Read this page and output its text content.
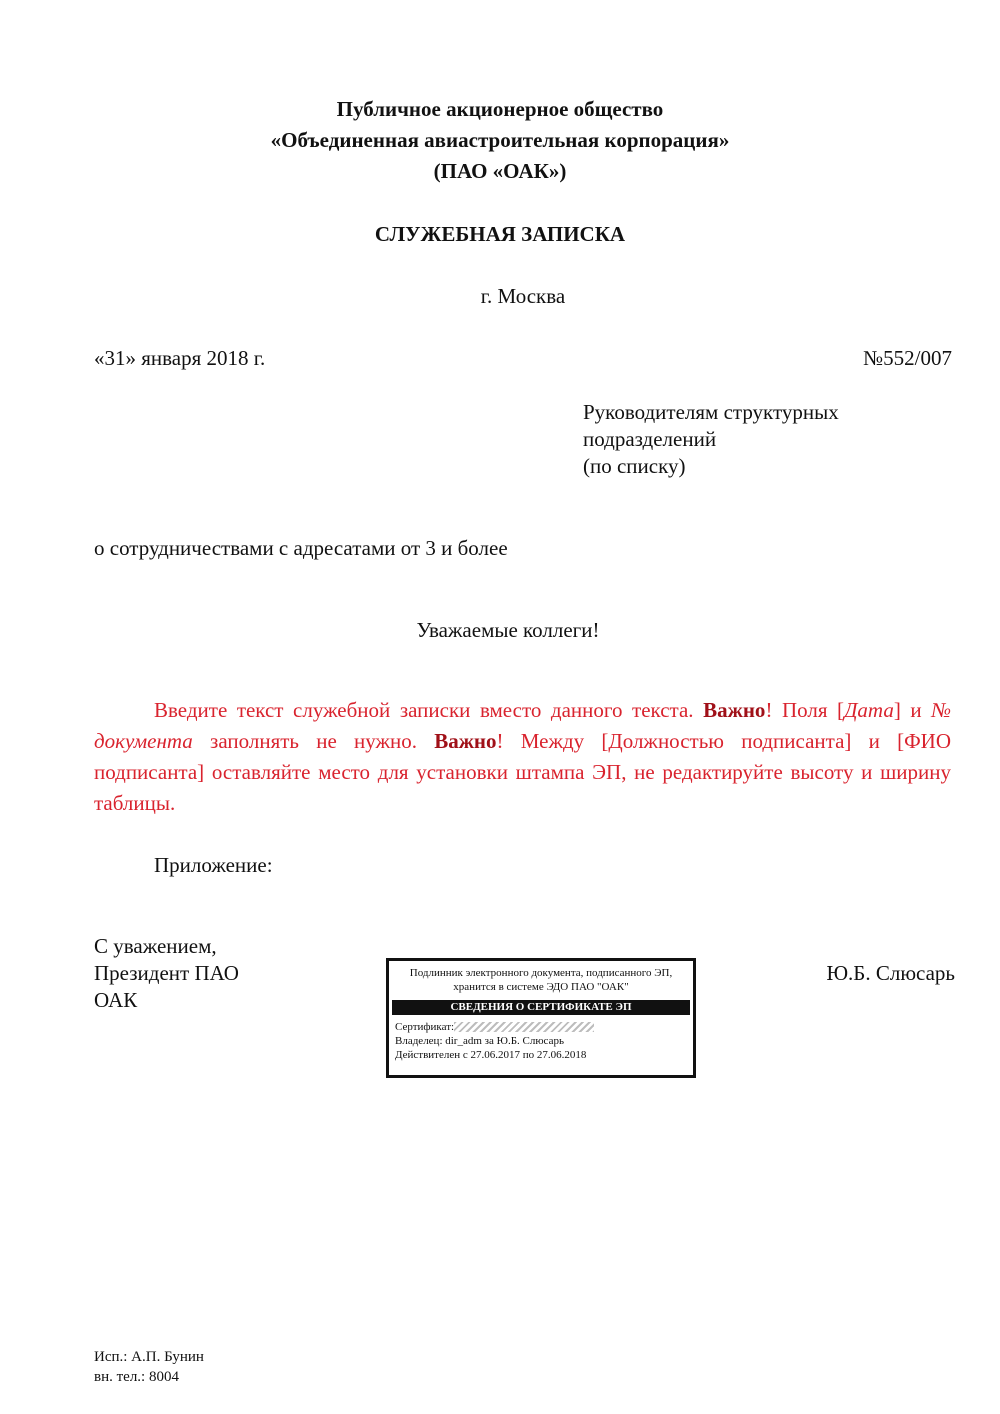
Публичное акционерное общество
«Объединенная авиастроительная корпорация»
(ПАО «ОАК»)
СЛУЖЕБНАЯ ЗАПИСКА
г. Москва
«31» января 2018 г.	№552/007
Руководителям структурных
подразделений
(по списку)
о сотрудничествами с адресатами от 3 и более
Уважаемые коллеги!
Введите текст служебной записки вместо данного текста. Важно! Поля [Дата] и № документа заполнять не нужно. Важно! Между [Должностью подписанта] и [ФИО подписанта] оставляйте место для установки штампа ЭП, не редактируйте высоту и ширину таблицы.
Приложение:
С уважением,
Президент ПАО
ОАК
Ю.Б. Слюсарь
Подлинник электронного документа, подписанного ЭП,
хранится в системе ЭДО ПАО "ОАК"
СВЕДЕНИЯ О СЕРТИФИКАТЕ ЭП
Сертификат:
Владелец: dir_adm за Ю.Б. Слюсарь
Действителен с 27.06.2017 по 27.06.2018
Исп.: А.П. Бунин
вн. тел.: 8004
